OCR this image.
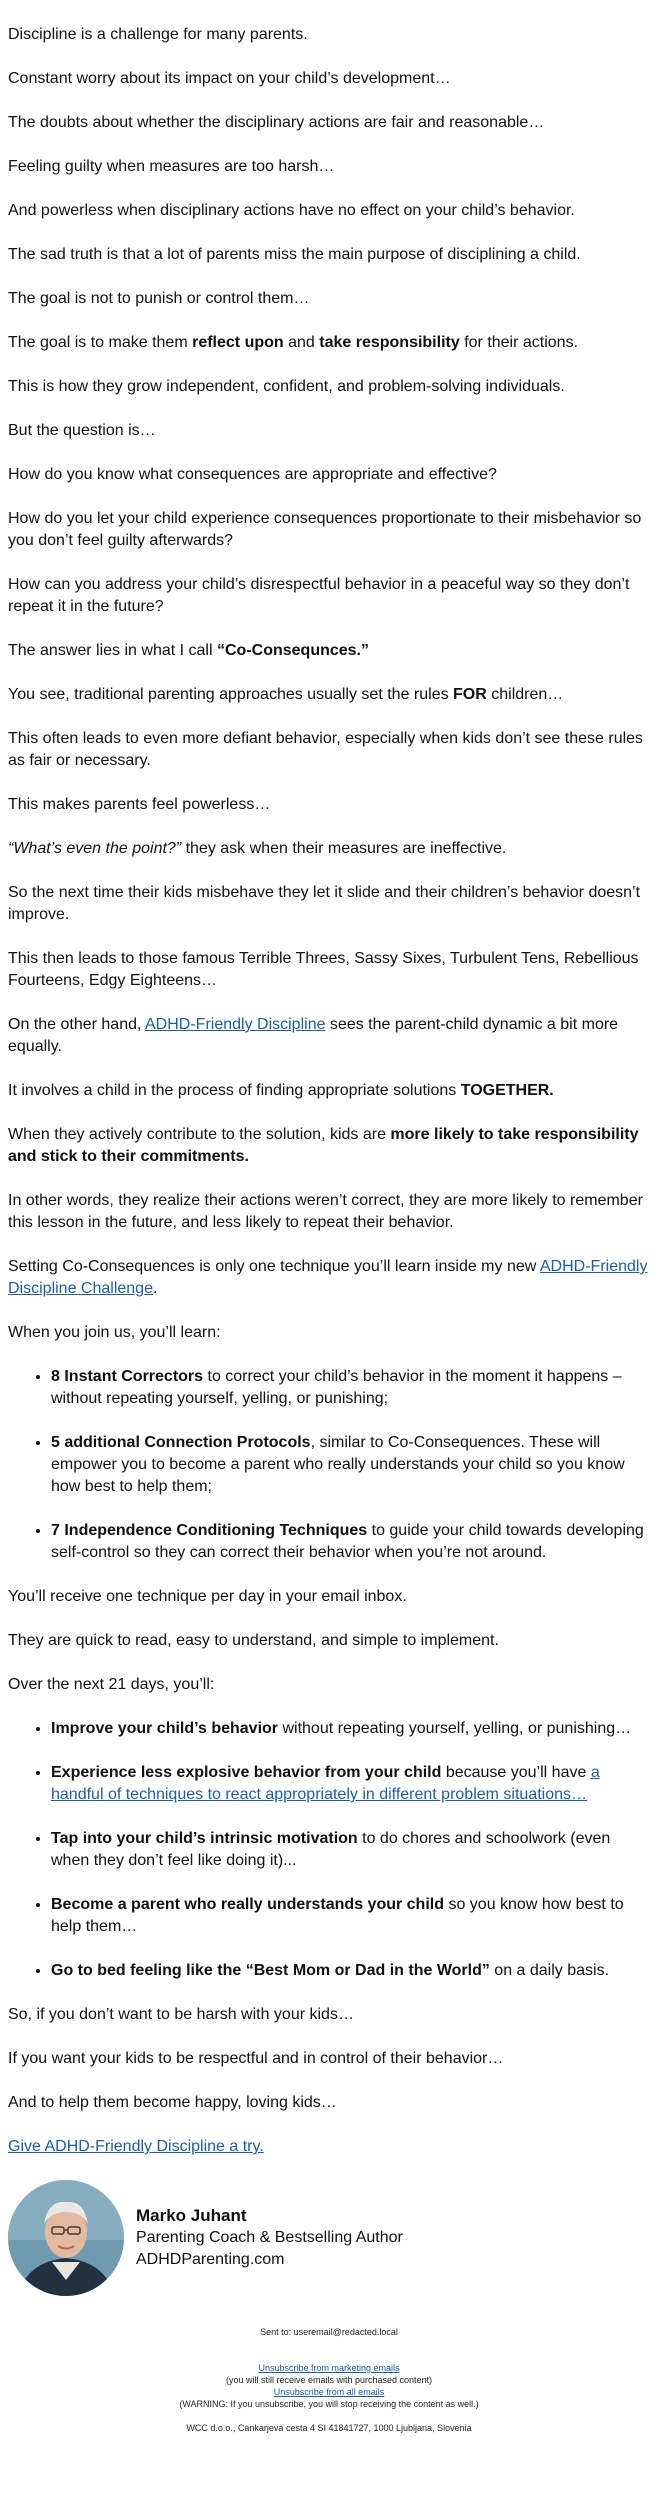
Discipline is a challenge for many parents.

Constant worry about its impact on your child’s development…

The doubts about whether the disciplinary actions are fair and reasonable…

Feeling guilty when measures are too harsh…

And powerless when disciplinary actions have no effect on your child’s behavior.

The sad truth is that a lot of parents miss the main purpose of disciplining a child.

The goal is not to punish or control them…

The goal is to make them reflect upon and take responsibility for their actions.

This is how they grow independent, confident, and problem-solving individuals.

But the question is…

How do you know what consequences are appropriate and effective?

How do you let your child experience consequences proportionate to their misbehavior so you don’t feel guilty afterwards?

How can you address your child’s disrespectful behavior in a peaceful way so they don’t repeat it in the future?

The answer lies in what I call “Co-Consequnces.”

You see, traditional parenting approaches usually set the rules FOR children…

This often leads to even more defiant behavior, especially when kids don’t see these rules as fair or necessary.

This makes parents feel powerless…

“What’s even the point?” they ask when their measures are ineffective.

So the next time their kids misbehave they let it slide and their children’s behavior doesn’t improve.

This then leads to those famous Terrible Threes, Sassy Sixes, Turbulent Tens, Rebellious Fourteens, Edgy Eighteens…

On the other hand, ADHD-Friendly Discipline sees the parent-child dynamic a bit more equally.

It involves a child in the process of finding appropriate solutions TOGETHER.

When they actively contribute to the solution, kids are more likely to take responsibility and stick to their commitments.

In other words, they realize their actions weren’t correct, they are more likely to remember this lesson in the future, and less likely to repeat their behavior.

Setting Co-Consequences is only one technique you’ll learn inside my new ADHD-Friendly Discipline Challenge.

When you join us, you’ll learn:

• 8 Instant Correctors to correct your child’s behavior in the moment it happens – without repeating yourself, yelling, or punishing;
• 5 additional Connection Protocols, similar to Co-Consequences. These will empower you to become a parent who really understands your child so you know how best to help them;
• 7 Independence Conditioning Techniques to guide your child towards developing self-control so they can correct their behavior when you’re not around.

You’ll receive one technique per day in your email inbox.

They are quick to read, easy to understand, and simple to implement.

Over the next 21 days, you’ll:

• Improve your child’s behavior without repeating yourself, yelling, or punishing…
• Experience less explosive behavior from your child because you’ll have a handful of techniques to react appropriately in different problem situations…
• Tap into your child’s intrinsic motivation to do chores and schoolwork (even when they don’t feel like doing it)...
• Become a parent who really understands your child so you know how best to help them…
• Go to bed feeling like the “Best Mom or Dad in the World” on a daily basis.

So, if you don’t want to be harsh with your kids…

If you want your kids to be respectful and in control of their behavior…

And to help them become happy, loving kids…

Give ADHD-Friendly Discipline a try.

Marko Juhant
Parenting Coach & Bestselling Author
ADHDParenting.com
Sent to: useremail@redacted.local
Unsubscribe from marketing emails
(you will still receive emails with purchased content)
Unsubscribe from all emails
(WARNING: If you unsubscribe, you will stop receiving the content as well.)
WCC d.o.o., Cankarjeva cesta 4 SI 41841727, 1000 Ljubljana, Slovenia
